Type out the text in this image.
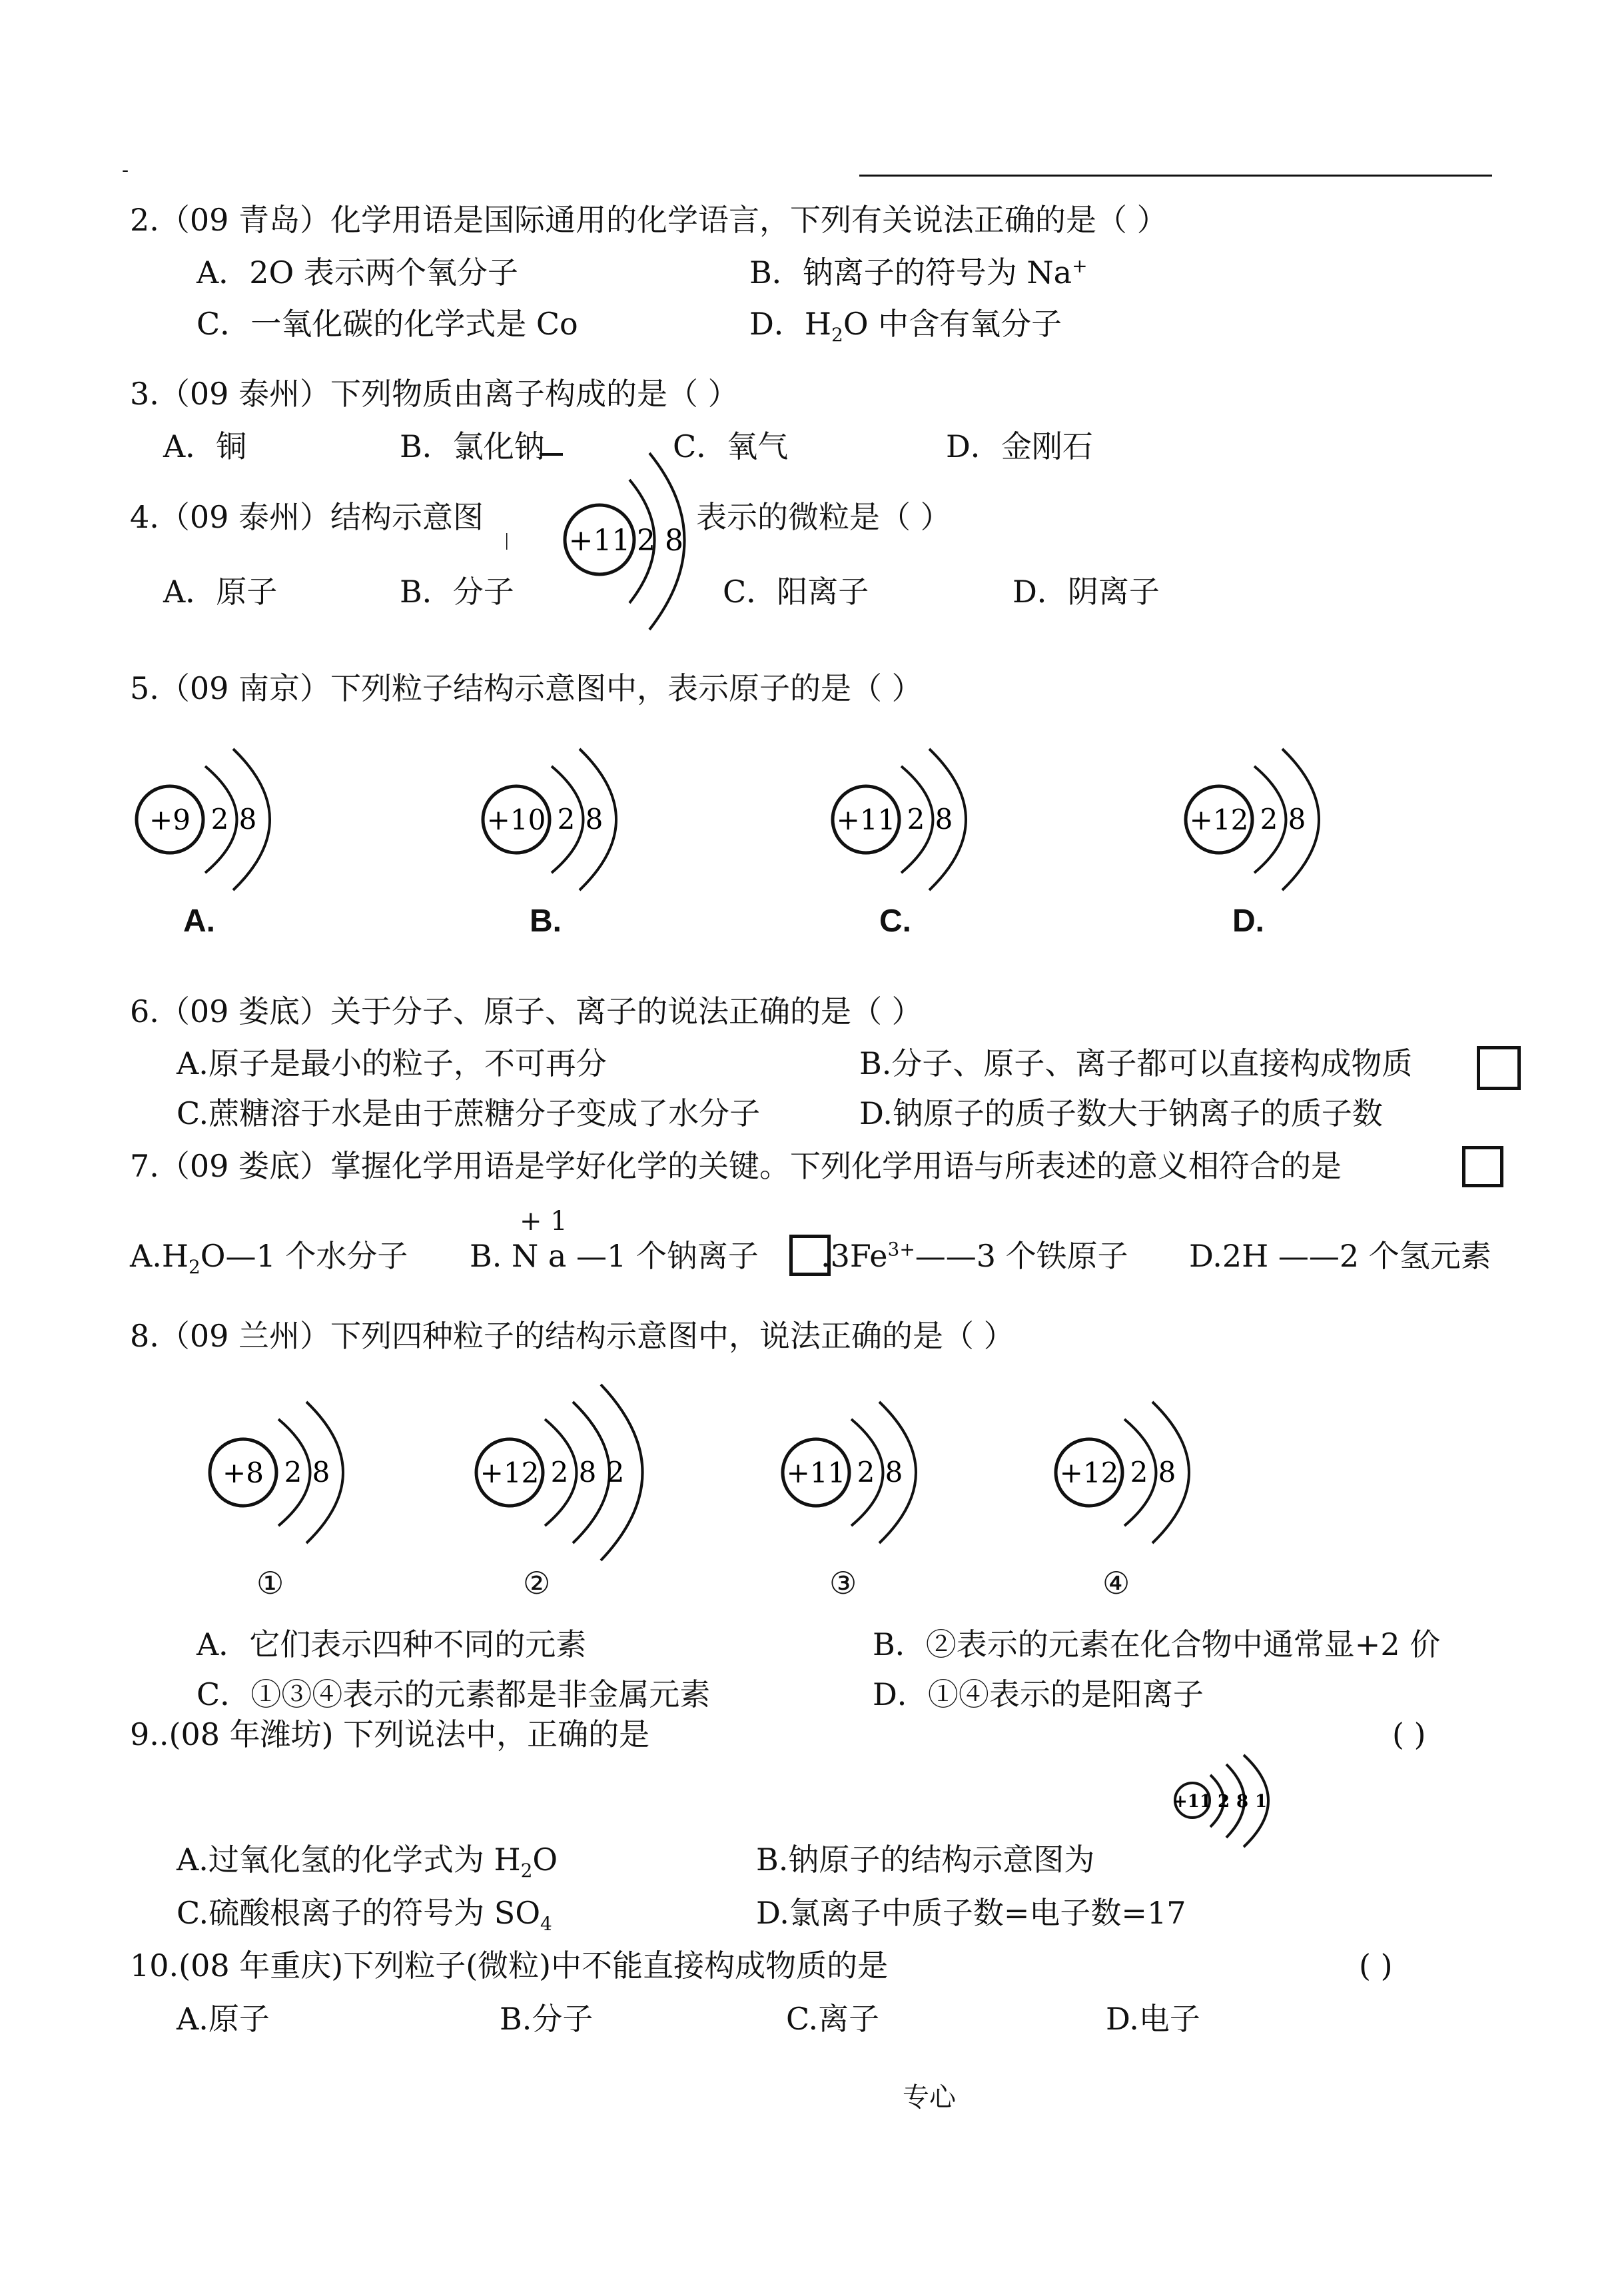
-
2.（09 青岛）化学用语是国际通用的化学语言，下列有关说法正确的是（ ）
A．2O 表示两个氧分子	B．钠离子的符号为 Na+
C．一氧化碳的化学式是 Co	D．$H_2O$ 中含有氧分子
3.（09 泰州）下列物质由离子构成的是（ ）
A．铜	B．氯化钠	C．氧气	D．金刚石
4.（09 泰州）结构示意图
+11 2 8
表示的微粒是（ ）
A．原子	B．分子	C．阳离子	D．阴离子
5.（09 南京）下列粒子结构示意图中，表示原子的是（ ）
+9 2 8
A.
+10 2 8
B.
+11 2 8
C.
+12 2 8
D.
6.（09 娄底）关于分子、原子、离子的说法正确的是（ ）
A.原子是最小的粒子，不可再分	B.分子、原子、离子都可以直接构成物质
C.蔗糖溶于水是由于蔗糖分子变成了水分子	D.钠原子的质子数大于钠离子的质子数
7.（09 娄底）掌握化学用语是学好化学的关键。下列化学用语与所表述的意义相符合的是
+ 1
$A.H_2O—1$ 个水分子 B. N a —1 个钠离子 $.3Fe^{3+}——3$ 个铁原子 D.2H ——2 个氢元素
8.（09 兰州）下列四种粒子的结构示意图中，说法正确的是（ ）
+8 2 8
①
+12 2 8 2
②
+11 2 8
③
+12 2 8
④
A．它们表示四种不同的元素	B．②表示的元素在化合物中通常显+2 价
C．①③④表示的元素都是非金属元素	D．①④表示的是阳离子
9..(08 年潍坊) 下列说法中，正确的是	( )
+11 2 8 1
A.过氧化氢的化学式为 $H_2O$	B.钠原子的结构示意图为
C.硫酸根离子的符号为 $SO_4$	D.氯离子中质子数=电子数=17
10.(08 年重庆)下列粒子(微粒)中不能直接构成物质的是	( )
A.原子	B.分子	C.离子	D.电子
专心
